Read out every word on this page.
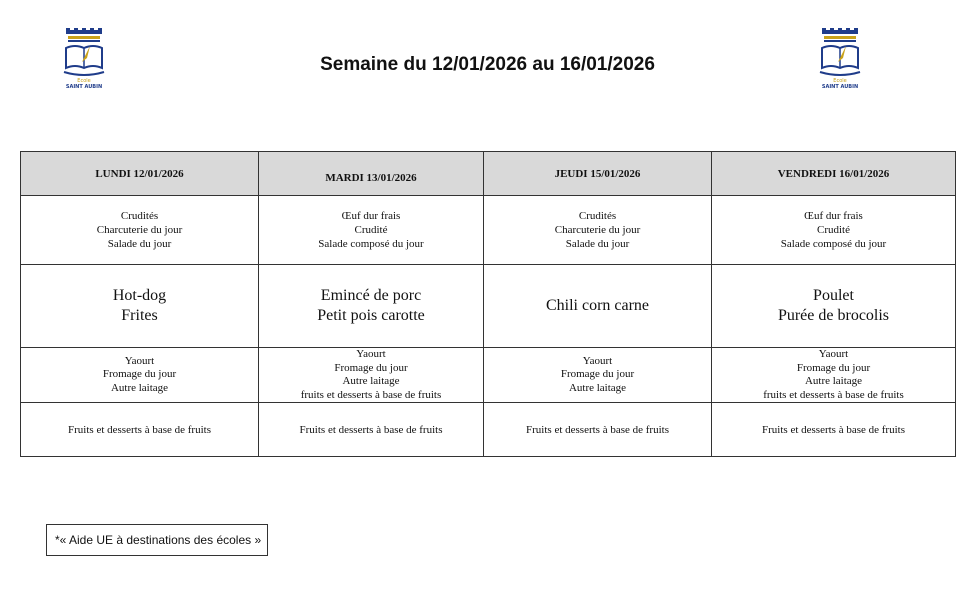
Ecole
SAINT AUBIN
Ecole
SAINT AUBIN
Semaine du 12/01/2026 au 16/01/2026
LUNDI 12/01/2026	MARDI 13/01/2026	JEUDI 15/01/2026	VENDREDI 16/01/2026

Crudités
Charcuterie du jour
Salade du jour	Œuf dur frais
Crudité
Salade composé du jour	Crudités
Charcuterie du jour
Salade du jour	Œuf dur frais
Crudité
Salade composé du jour

Hot-dog
Frites	Emincé de porc
Petit pois carotte	Chili corn carne	Poulet
Purée de brocolis

Yaourt
Fromage du jour
Autre laitage	Yaourt
Fromage du jour
Autre laitage
fruits et desserts à base de fruits	Yaourt
Fromage du jour
Autre laitage	Yaourt
Fromage du jour
Autre laitage
fruits et desserts à base de fruits

Fruits et desserts à base de fruits	Fruits et desserts à base de fruits	Fruits et desserts à base de fruits	Fruits et desserts à base de fruits
*« Aide UE à destinations des écoles »
